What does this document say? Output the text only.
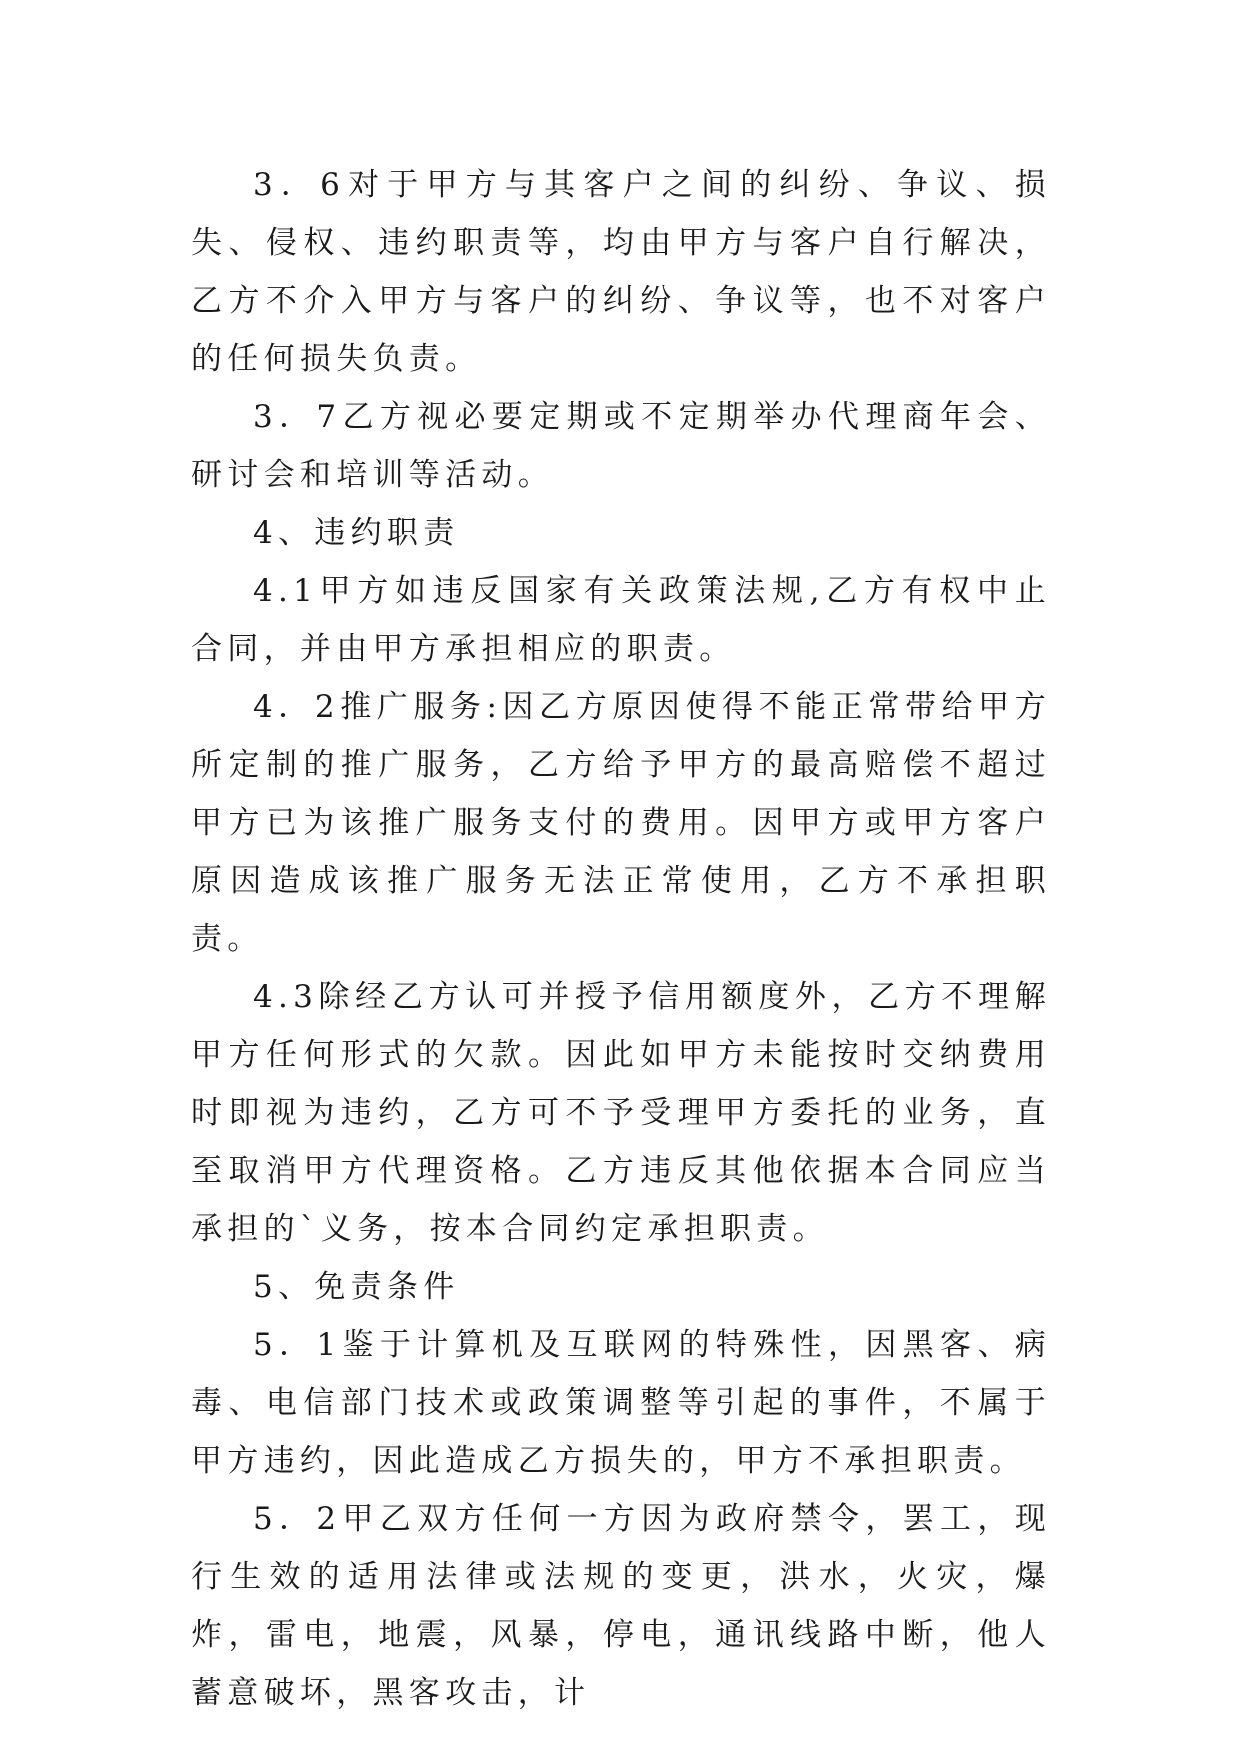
3．6对于甲方与其客户之间的纠纷、争议、损失、侵权、违约职责等，均由甲方与客户自行解决，乙方不介入甲方与客户的纠纷、争议等，也不对客户的任何损失负责。

3．7乙方视必要定期或不定期举办代理商年会、研讨会和培训等活动。

4、违约职责

4.1甲方如违反国家有关政策法规,乙方有权中止合同，并由甲方承担相应的职责。

4．2推广服务:因乙方原因使得不能正常带给甲方所定制的推广服务，乙方给予甲方的最高赔偿不超过甲方已为该推广服务支付的费用。因甲方或甲方客户原因造成该推广服务无法正常使用，乙方不承担职责。

4.3除经乙方认可并授予信用额度外，乙方不理解甲方任何形式的欠款。因此如甲方未能按时交纳费用时即视为违约，乙方可不予受理甲方委托的业务，直至取消甲方代理资格。乙方违反其他依据本合同应当承担的`义务，按本合同约定承担职责。

5、免责条件

5．1鉴于计算机及互联网的特殊性，因黑客、病毒、电信部门技术或政策调整等引起的事件，不属于甲方违约，因此造成乙方损失的，甲方不承担职责。

5．2甲乙双方任何一方因为政府禁令，罢工，现行生效的适用法律或法规的变更，洪水，火灾，爆炸，雷电，地震，风暴，停电，通讯线路中断，他人蓄意破坏，黑客攻击，计
